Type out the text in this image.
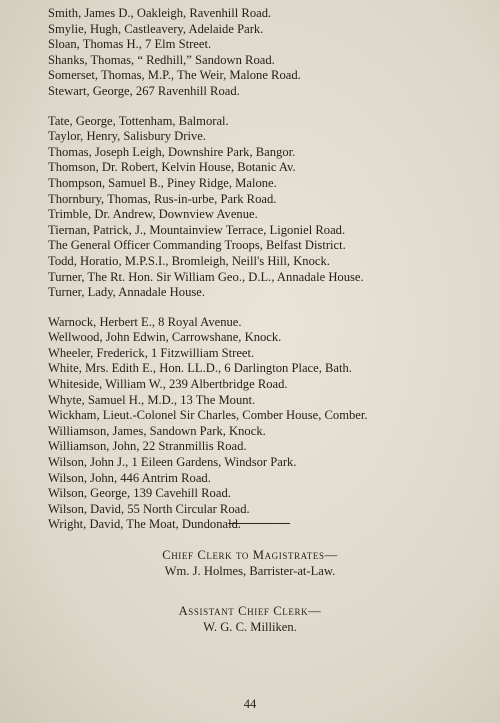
Smith, James D., Oakleigh, Ravenhill Road.
Smylie, Hugh, Castleavery, Adelaide Park.
Sloan, Thomas H., 7 Elm Street.
Shanks, Thomas, “ Redhill,” Sandown Road.
Somerset, Thomas, M.P., The Weir, Malone Road.
Stewart, George, 267 Ravenhill Road.
Tate, George, Tottenham, Balmoral.
Taylor, Henry, Salisbury Drive.
Thomas, Joseph Leigh, Downshire Park, Bangor.
Thomson, Dr. Robert, Kelvin House, Botanic Av.
Thompson, Samuel B., Piney Ridge, Malone.
Thornbury, Thomas, Rus-in-urbe, Park Road.
Trimble, Dr. Andrew, Downview Avenue.
Tiernan, Patrick, J., Mountainview Terrace, Ligoniel Road.
The General Officer Commanding Troops, Belfast District.
Todd, Horatio, M.P.S.I., Bromleigh, Neill's Hill, Knock.
Turner, The Rt. Hon. Sir William Geo., D.L., Annadale House.
Turner, Lady, Annadale House.
Warnock, Herbert E., 8 Royal Avenue.
Wellwood, John Edwin, Carrowshane, Knock.
Wheeler, Frederick, 1 Fitzwilliam Street.
White, Mrs. Edith E., Hon. LL.D., 6 Darlington Place, Bath.
Whiteside, William W., 239 Albertbridge Road.
Whyte, Samuel H., M.D., 13 The Mount.
Wickham, Lieut.-Colonel Sir Charles, Comber House, Comber.
Williamson, James, Sandown Park, Knock.
Williamson, John, 22 Stranmillis Road.
Wilson, John J., 1 Eileen Gardens, Windsor Park.
Wilson, John, 446 Antrim Road.
Wilson, George, 139 Cavehill Road.
Wilson, David, 55 North Circular Road.
Wright, David, The Moat, Dundonald.
Chief Clerk to Magistrates—
Wm. J. Holmes, Barrister-at-Law.
Assistant Chief Clerk—
W. G. C. Milliken.
44
